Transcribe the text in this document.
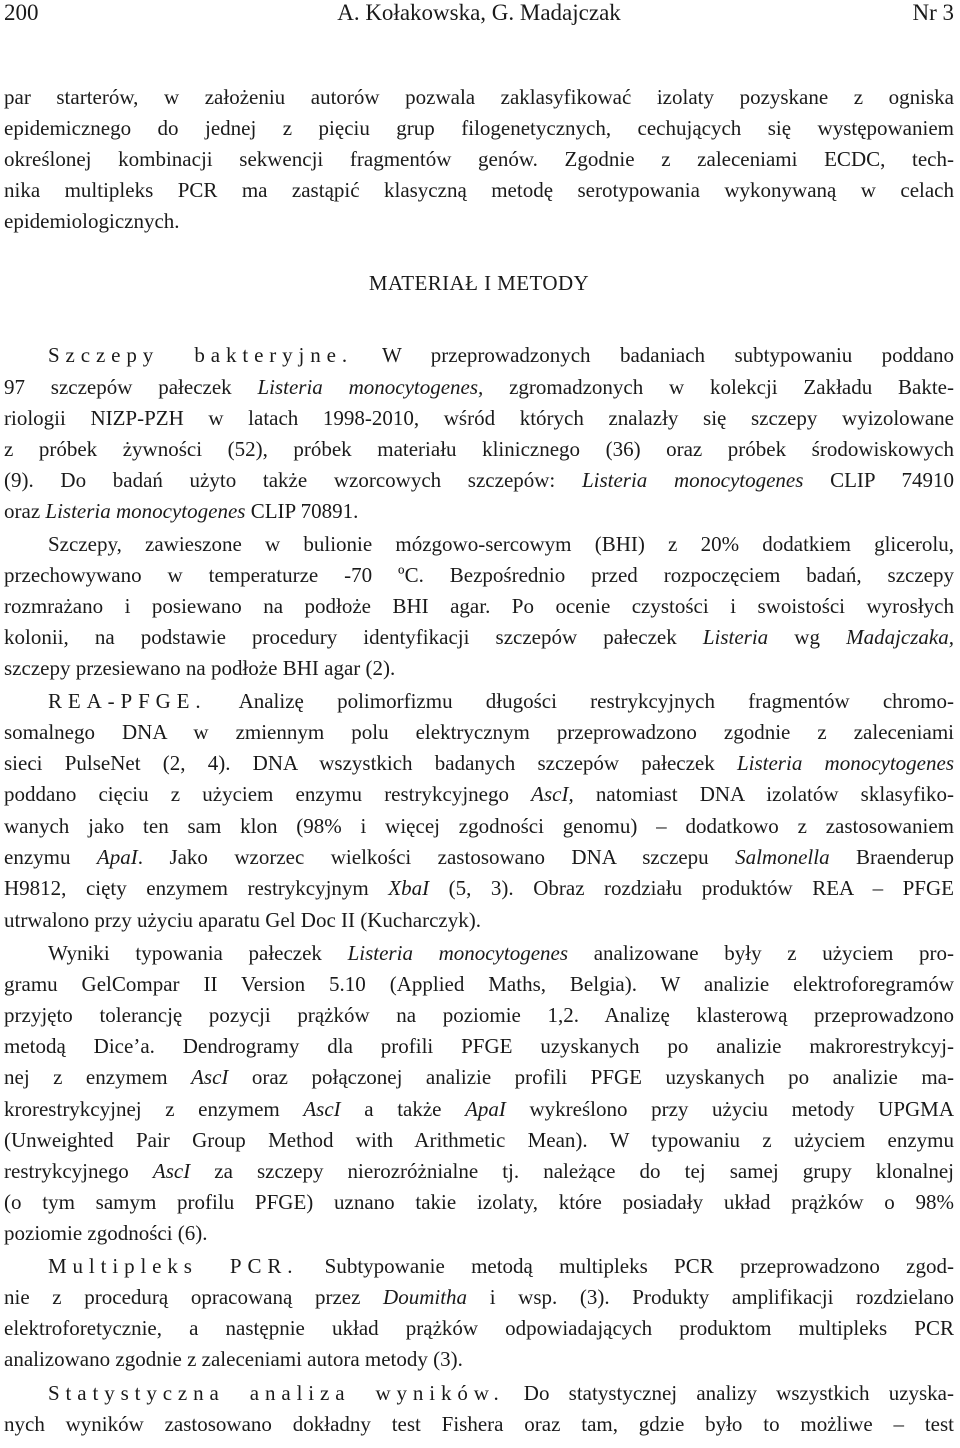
200	A. Kołakowska, G. Madajczak	Nr 3
par starterów, w założeniu autorów pozwala zaklasyfikować izolaty pozyskane z ogniska
epidemicznego do jednej z pięciu grup filogenetycznych, cechujących się występowaniem
określonej kombinacji sekwencji fragmentów genów. Zgodnie z zaleceniami ECDC, tech-
nika multipleks PCR ma zastąpić klasyczną metodę serotypowania wykonywaną w celach
epidemiologicznych.
MATERIAŁ I METODY
Szczepy bakteryjne. W przeprowadzonych badaniach subtypowaniu poddano
97 szczepów pałeczek Listeria monocytogenes, zgromadzonych w kolekcji Zakładu Bakte-
riologii NIZP-PZH w latach 1998-2010, wśród których znalazły się szczepy wyizolowane
z próbek żywności (52), próbek materiału klinicznego (36) oraz próbek środowiskowych
(9). Do badań użyto także wzorcowych szczepów: Listeria monocytogenes CLIP 74910
oraz Listeria monocytogenes CLIP 70891.
Szczepy, zawieszone w bulionie mózgowo-sercowym (BHI) z 20% dodatkiem glicerolu,
przechowywano w temperaturze -70 ºC. Bezpośrednio przed rozpoczęciem badań, szczepy
rozmrażano i posiewano na podłoże BHI agar. Po ocenie czystości i swoistości wyrosłych
kolonii, na podstawie procedury identyfikacji szczepów pałeczek Listeria wg Madajczaka,
szczepy przesiewano na podłoże BHI agar (2).
REA-PFGE. Analizę polimorfizmu długości restrykcyjnych fragmentów chromo-
somalnego DNA w zmiennym polu elektrycznym przeprowadzono zgodnie z zaleceniami
sieci PulseNet (2, 4). DNA wszystkich badanych szczepów pałeczek Listeria monocytogenes
poddano cięciu z użyciem enzymu restrykcyjnego AscI, natomiast DNA izolatów sklasyfiko-
wanych jako ten sam klon (98% i więcej zgodności genomu) – dodatkowo z zastosowaniem
enzymu ApaI. Jako wzorzec wielkości zastosowano DNA szczepu Salmonella Braenderup
H9812, cięty enzymem restrykcyjnym XbaI (5, 3). Obraz rozdziału produktów REA – PFGE
utrwalono przy użyciu aparatu Gel Doc II (Kucharczyk).
Wyniki typowania pałeczek Listeria monocytogenes analizowane były z użyciem pro-
gramu GelCompar II Version 5.10 (Applied Maths, Belgia). W analizie elektroforegramów
przyjęto tolerancję pozycji prążków na poziomie 1,2. Analizę klasterową przeprowadzono
metodą Dice’a. Dendrogramy dla profili PFGE uzyskanych po analizie makrorestrykcyj-
nej z enzymem AscI oraz połączonej analizie profili PFGE uzyskanych po analizie ma-
krorestrykcyjnej z enzymem AscI a także ApaI wykreślono przy użyciu metody UPGMA
(Unweighted Pair Group Method with Arithmetic Mean). W typowaniu z użyciem enzymu
restrykcyjnego AscI za szczepy nierozróżnialne tj. należące do tej samej grupy klonalnej
(o tym samym profilu PFGE) uznano takie izolaty, które posiadały układ prążków o 98%
poziomie zgodności (6).
Multipleks PCR. Subtypowanie metodą multipleks PCR przeprowadzono zgod-
nie z procedurą opracowaną przez Doumitha i wsp. (3). Produkty amplifikacji rozdzielano
elektroforetycznie, a następnie układ prążków odpowiadających produktom multipleks PCR
analizowano zgodnie z zaleceniami autora metody (3).
Statystyczna analiza wyników. Do statystycznej analizy wszystkich uzyska-
nych wyników zastosowano dokładny test Fishera oraz tam, gdzie było to możliwe – test
